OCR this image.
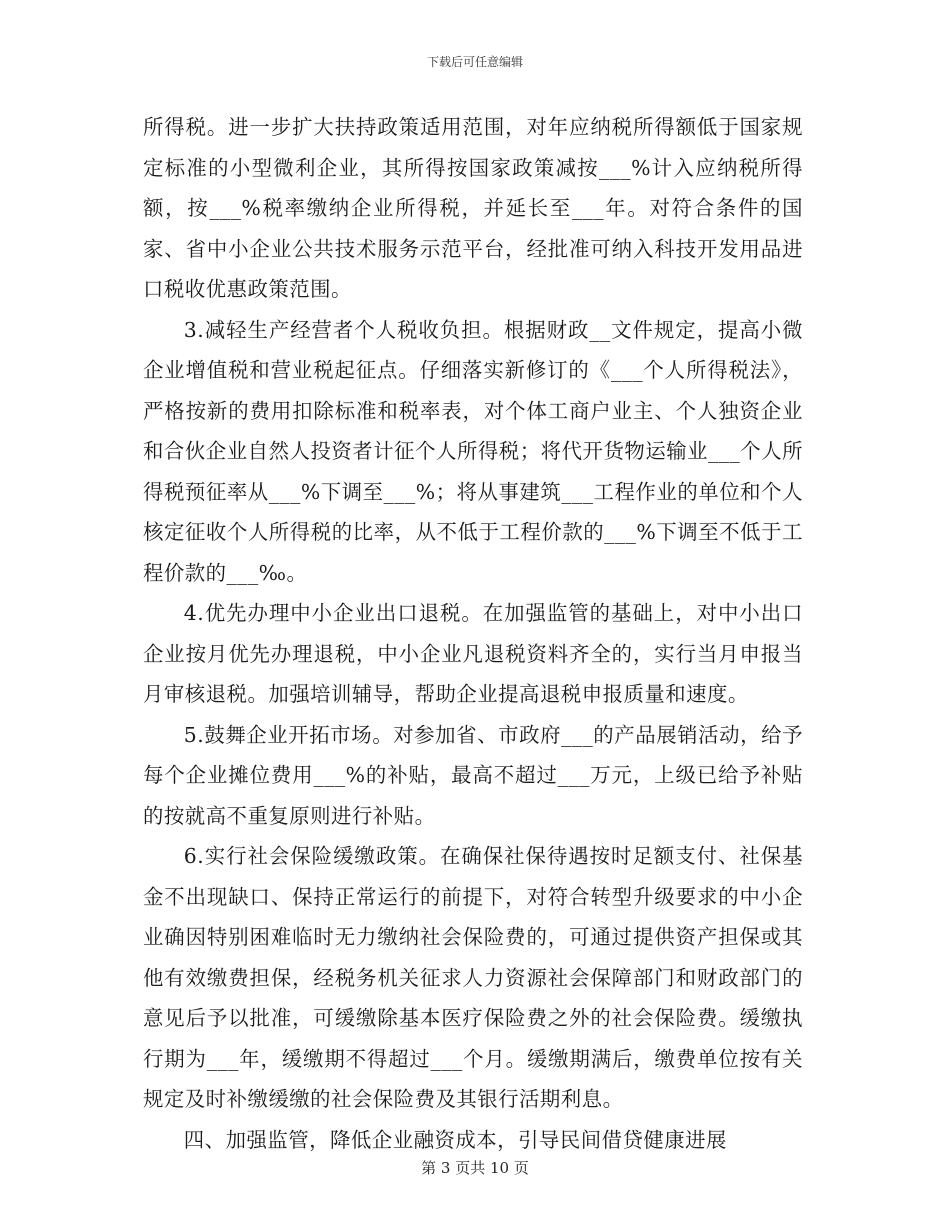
下载后可任意编辑

所得税。进一步扩大扶持政策适用范围，对年应纳税所得额低于国家规定标准的小型微利企业，其所得按国家政策减按___%计入应纳税所得额，按___%税率缴纳企业所得税，并延长至___年。对符合条件的国家、省中小企业公共技术服务示范平台，经批准可纳入科技开发用品进口税收优惠政策范围。

3.减轻生产经营者个人税收负担。根据财政__文件规定，提高小微企业增值税和营业税起征点。仔细落实新修订的《___个人所得税法》，严格按新的费用扣除标准和税率表，对个体工商户业主、个人独资企业和合伙企业自然人投资者计征个人所得税；将代开货物运输业___个人所得税预征率从___%下调至___%；将从事建筑___工程作业的单位和个人核定征收个人所得税的比率，从不低于工程价款的___%下调至不低于工程价款的___‰。

4.优先办理中小企业出口退税。在加强监管的基础上，对中小出口企业按月优先办理退税，中小企业凡退税资料齐全的，实行当月申报当月审核退税。加强培训辅导，帮助企业提高退税申报质量和速度。

5.鼓舞企业开拓市场。对参加省、市政府___的产品展销活动，给予每个企业摊位费用___%的补贴，最高不超过___万元，上级已给予补贴的按就高不重复原则进行补贴。

6.实行社会保险缓缴政策。在确保社保待遇按时足额支付、社保基金不出现缺口、保持正常运行的前提下，对符合转型升级要求的中小企业确因特别困难临时无力缴纳社会保险费的，可通过提供资产担保或其他有效缴费担保，经税务机关征求人力资源社会保障部门和财政部门的意见后予以批准，可缓缴除基本医疗保险费之外的社会保险费。缓缴执行期为___年，缓缴期不得超过___个月。缓缴期满后，缴费单位按有关规定及时补缴缓缴的社会保险费及其银行活期利息。

四、加强监管，降低企业融资成本，引导民间借贷健康进展

第 3 页共 10 页
